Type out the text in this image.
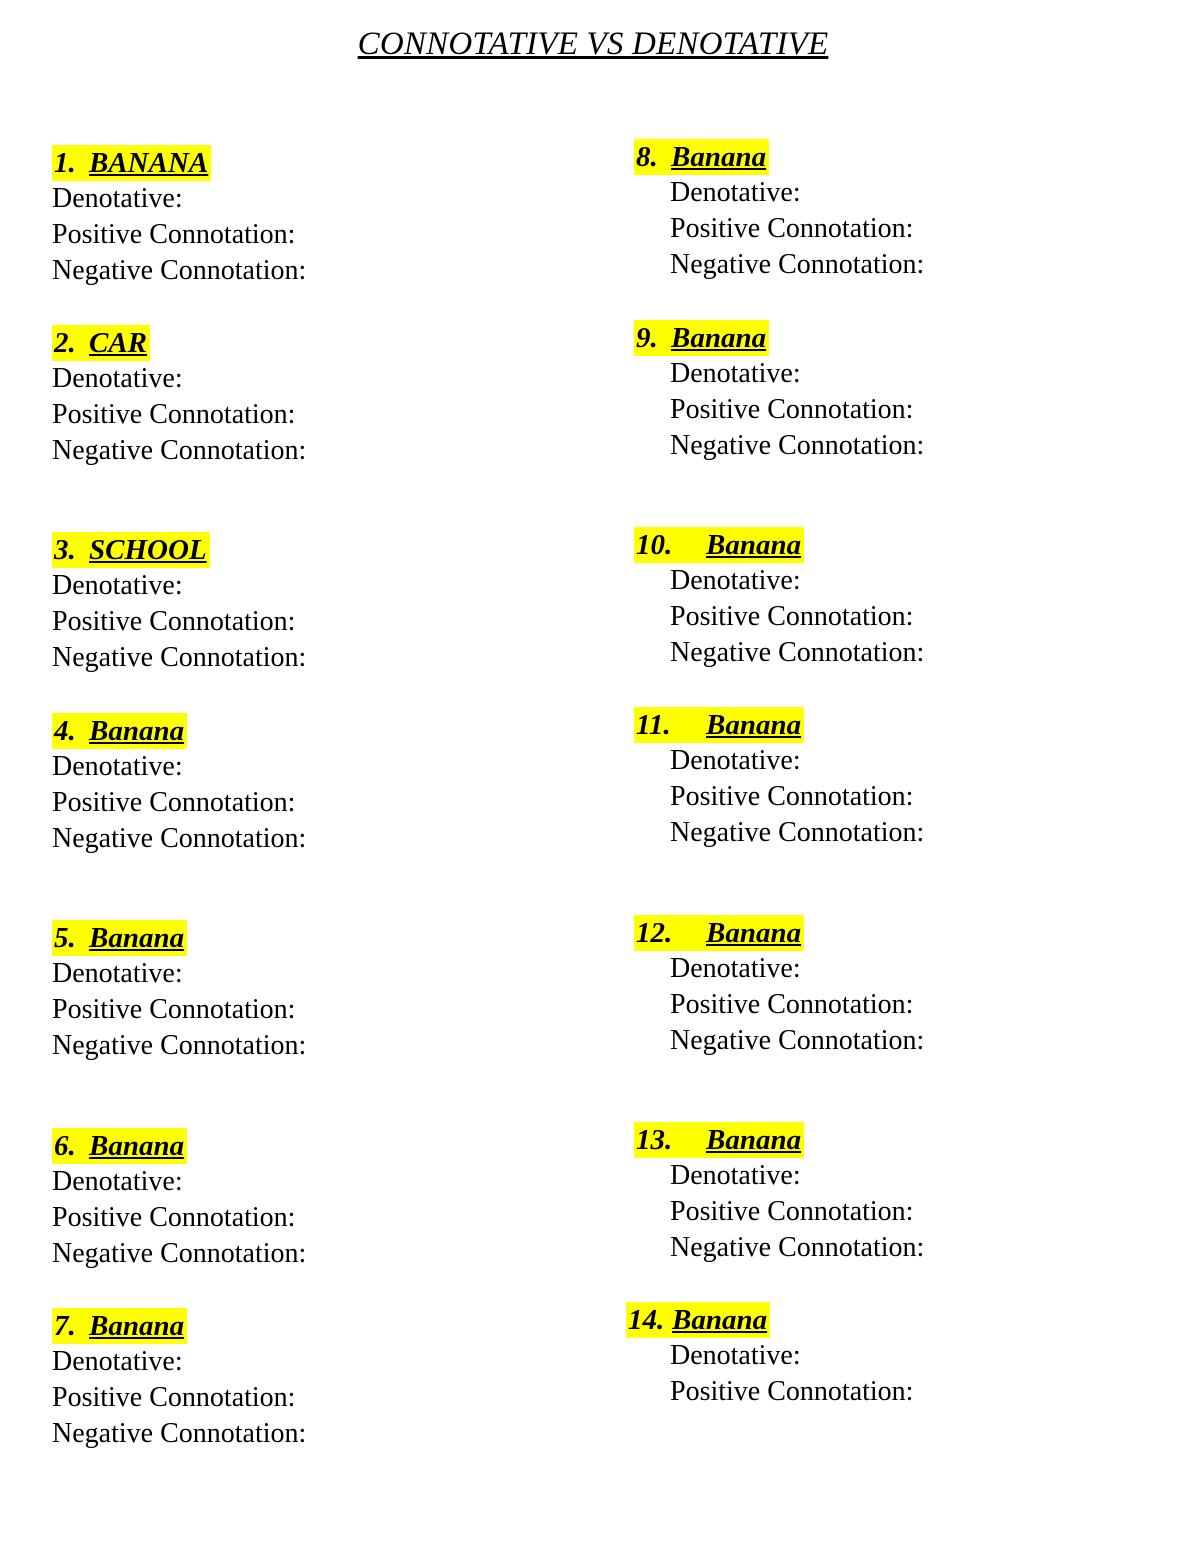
CONNOTATIVE VS DENOTATIVE
1. BANANA
Denotative:
Positive Connotation:
Negative Connotation:
2. CAR
Denotative:
Positive Connotation:
Negative Connotation:
3. SCHOOL
Denotative:
Positive Connotation:
Negative Connotation:
4. Banana
Denotative:
Positive Connotation:
Negative Connotation:
5. Banana
Denotative:
Positive Connotation:
Negative Connotation:
6. Banana
Denotative:
Positive Connotation:
Negative Connotation:
7. Banana
Denotative:
Positive Connotation:
Negative Connotation:
8. Banana
Denotative:
Positive Connotation:
Negative Connotation:
9. Banana
Denotative:
Positive Connotation:
Negative Connotation:
10. Banana
Denotative:
Positive Connotation:
Negative Connotation:
11. Banana
Denotative:
Positive Connotation:
Negative Connotation:
12. Banana
Denotative:
Positive Connotation:
Negative Connotation:
13. Banana
Denotative:
Positive Connotation:
Negative Connotation:
14. Banana
Denotative:
Positive Connotation:
